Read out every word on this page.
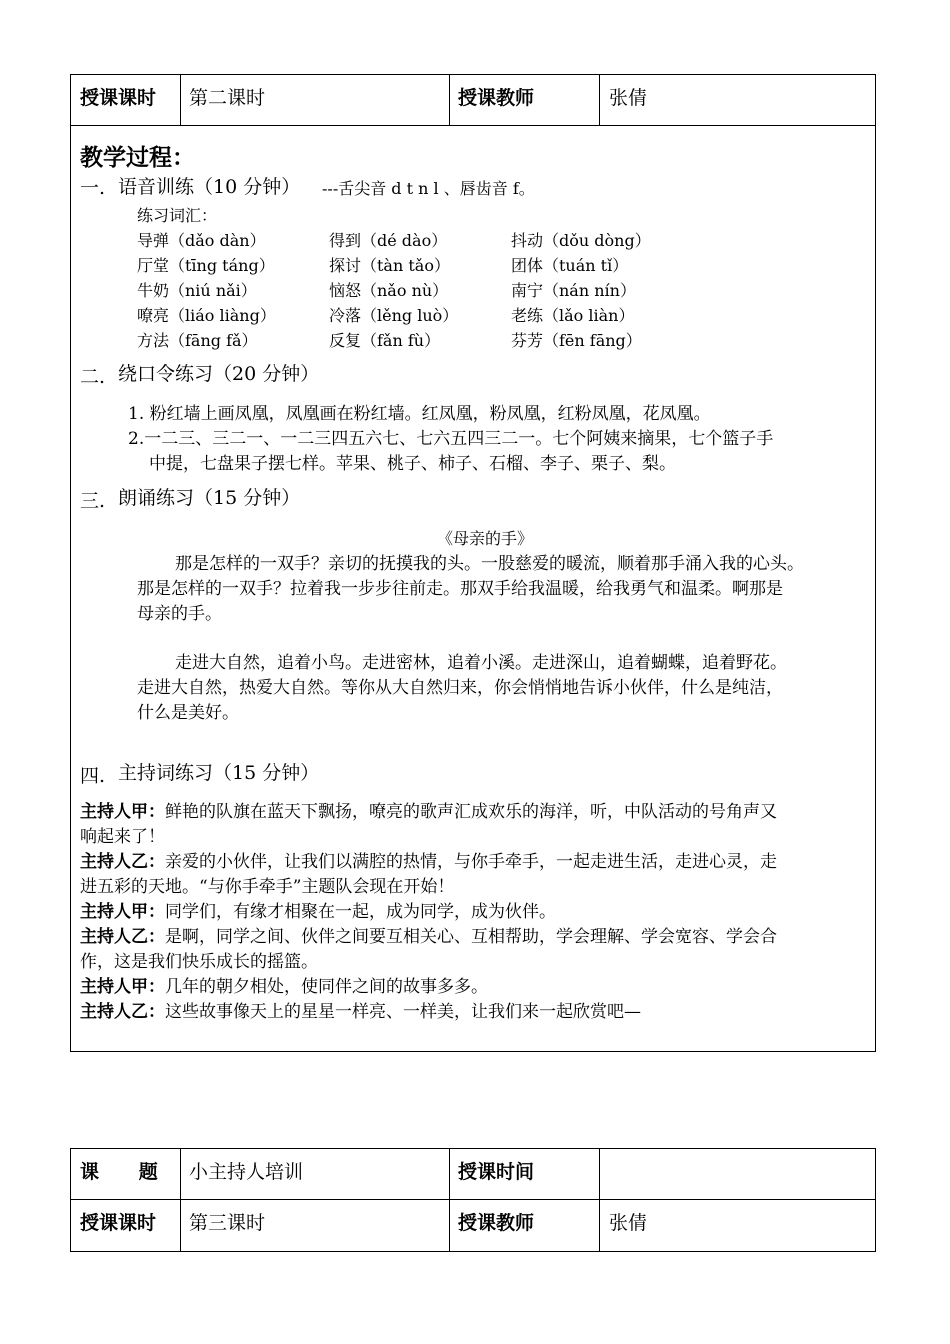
授课课时 第二课时	授课教师	张倩
教学过程：
一. 语音训练（10 分钟） ---舌尖音 d t n l 、唇齿音 f。
练习词汇：
导弹（dǎo dàn）	得到（dé dào）	抖动（dǒu dòng）
厅堂（tīng táng）	探讨（tàn tǎo）	团体（tuán tǐ）
牛奶（niú nǎi）	恼怒（nǎo nù）	南宁（nán nín）
嘹亮（liáo liàng）	冷落（lěng luò）	老练（lǎo liàn）
方法（fāng fǎ）	反复（fǎn fù）	芬芳（fēn fāng）
二. 绕口令练习（20 分钟）
1. 粉红墙上画凤凰，凤凰画在粉红墙。红凤凰，粉凤凰，红粉凤凰，花凤凰。
2.一二三、三二一、一二三四五六七、七六五四三二一。七个阿姨来摘果，七个篮子手
中提，七盘果子摆七样。苹果、桃子、柿子、石榴、李子、栗子、梨。
三. 朗诵练习（15 分钟）
《母亲的手》
那是怎样的一双手？亲切的抚摸我的头。一股慈爱的暖流，顺着那手涌入我的心头。
那是怎样的一双手？拉着我一步步往前走。那双手给我温暖，给我勇气和温柔。啊那是
母亲的手。
走进大自然，追着小鸟。走进密林，追着小溪。走进深山，追着蝴蝶，追着野花。
走进大自然，热爱大自然。等你从大自然归来，你会悄悄地告诉小伙伴，什么是纯洁，
什么是美好。
四. 主持词练习（15 分钟）
主持人甲：鲜艳的队旗在蓝天下飘扬，嘹亮的歌声汇成欢乐的海洋，听，中队活动的号角声又
响起来了！
主持人乙：亲爱的小伙伴，让我们以满腔的热情，与你手牵手，一起走进生活，走进心灵，走
进五彩的天地。“与你手牵手”主题队会现在开始！
主持人甲：同学们，有缘才相聚在一起，成为同学，成为伙伴。
主持人乙：是啊，同学之间、伙伴之间要互相关心、互相帮助，学会理解、学会宽容、学会合
作，这是我们快乐成长的摇篮。
主持人甲：几年的朝夕相处，使同伴之间的故事多多。
主持人乙：这些故事像天上的星星一样亮、一样美，让我们来一起欣赏吧—
课      题 小主持人培训	授课时间
授课课时 第三课时	授课教师	张倩
